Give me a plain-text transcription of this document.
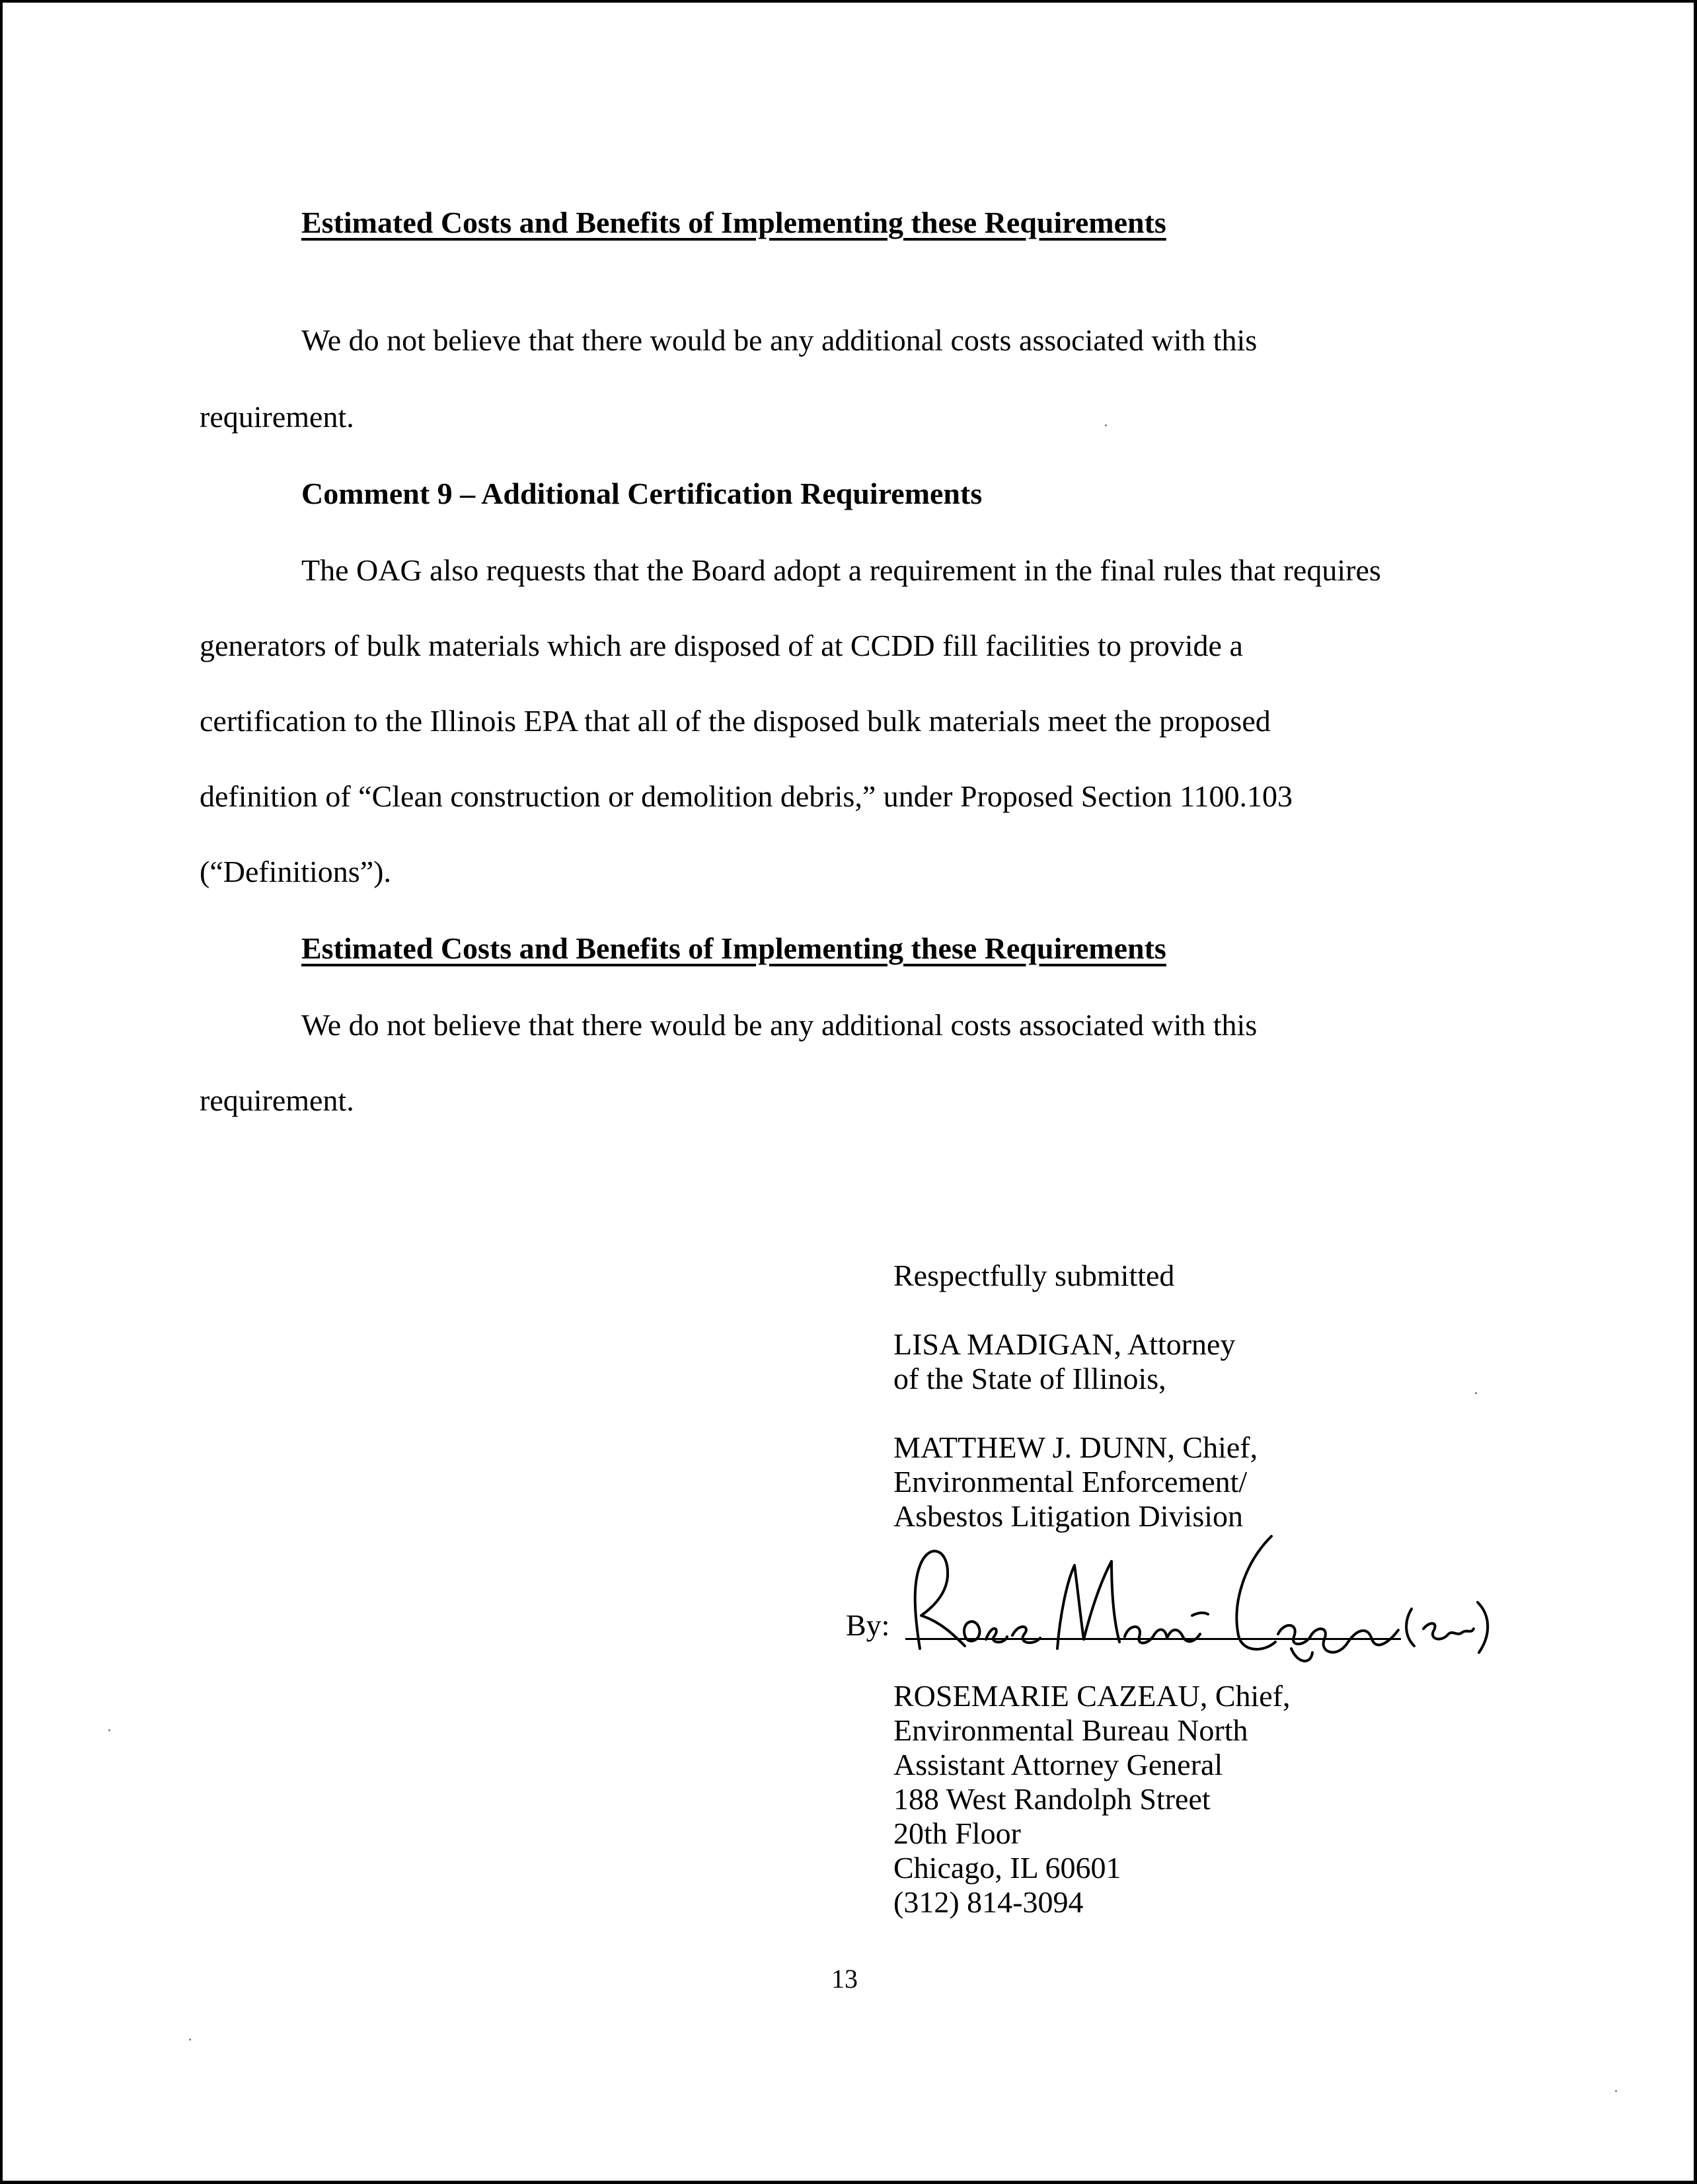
Estimated Costs and Benefits of Implementing these Requirements
We do not believe that there would be any additional costs associated with this
requirement.
Comment 9 – Additional Certification Requirements
The OAG also requests that the Board adopt a requirement in the final rules that requires
generators of bulk materials which are disposed of at CCDD fill facilities to provide a
certification to the Illinois EPA that all of the disposed bulk materials meet the proposed
definition of “Clean construction or demolition debris,” under Proposed Section 1100.103
(“Definitions”).
Estimated Costs and Benefits of Implementing these Requirements
We do not believe that there would be any additional costs associated with this
requirement.
Respectfully submitted
LISA MADIGAN, Attorney
of the State of Illinois,
MATTHEW J. DUNN, Chief,
Environmental Enforcement/
Asbestos Litigation Division
By:
ROSEMARIE CAZEAU, Chief,
Environmental Bureau North
Assistant Attorney General
188 West Randolph Street
20th Floor
Chicago, IL 60601
(312) 814-3094
13
